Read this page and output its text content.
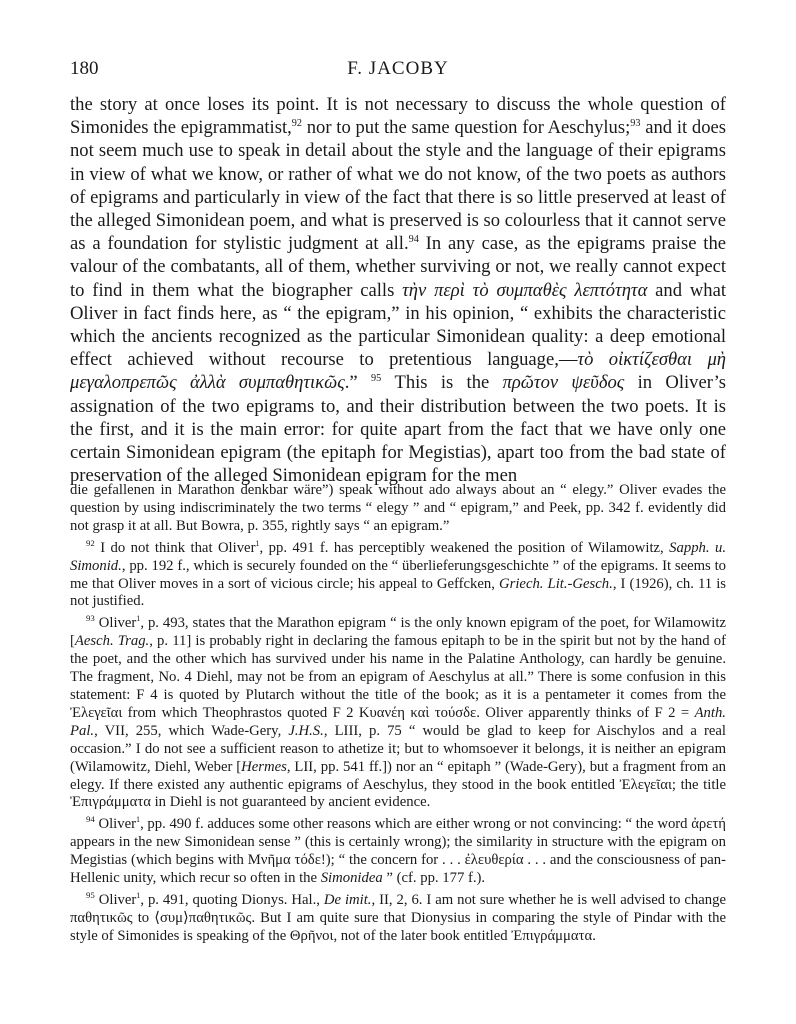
180	F. JACOBY

the story at once loses its point. It is not necessary to discuss the whole question of Simonides the epigrammatist,$^{92}$ nor to put the same question for Aeschylus;$^{93}$ and it does not seem much use to speak in detail about the style and the language of their epigrams in view of what we know, or rather of what we do not know, of the two poets as authors of epigrams and particularly in view of the fact that there is so little preserved at least of the alleged Simonidean poem, and what is preserved is so colourless that it cannot serve as a foundation for stylistic judgment at all.$^{94}$ In any case, as the epigrams praise the valour of the combatants, all of them, whether surviving or not, we really cannot expect to find in them what the biographer calls τὴν περὶ τὸ συμπαθὲς λεπτότητα and what Oliver in fact finds here, as “ the epigram,” in his opinion, “ exhibits the characteristic which the ancients recognized as the particular Simonidean quality: a deep emotional effect achieved without recourse to pretentious language,—τὸ οἰκτίζεσθαι μὴ μεγαλοπρεπῶς ἀλλὰ συμπαθητικῶς.” $^{95}$ This is the πρῶτον ψεῦδος in Oliver’s assignation of the two epigrams to, and their distribution between the two poets. It is the first, and it is the main error: for quite apart from the fact that we have only one certain Simonidean epigram (the epitaph for Megistias), apart too from the bad state of preservation of the alleged Simonidean epigram for the men

die gefallenen in Marathon denkbar wäre”) speak without ado always about an “ elegy.” Oliver evades the question by using indiscriminately the two terms “ elegy ” and “ epigram,” and Peek, pp. 342 f. evidently did not grasp it at all. But Bowra, p. 355, rightly says “ an epigram.”

$^{92}$ I do not think that Oliver$^1$, pp. 491 f. has perceptibly weakened the position of Wilamowitz, Sapph. u. Simonid., pp. 192 f., which is securely founded on the “ überlieferungsgeschichte ” of the epigrams. It seems to me that Oliver moves in a sort of vicious circle; his appeal to Geffcken, Griech. Lit.-Gesch., I (1926), ch. 11 is not justified.

$^{93}$ Oliver$^1$, p. 493, states that the Marathon epigram “ is the only known epigram of the poet, for Wilamowitz [Aesch. Trag., p. 11] is probably right in declaring the famous epitaph to be in the spirit but not by the hand of the poet, and the other which has survived under his name in the Palatine Anthology, can hardly be genuine. The fragment, No. 4 Diehl, may not be from an epigram of Aeschylus at all.” There is some confusion in this statement: F 4 is quoted by Plutarch without the title of the book; as it is a pentameter it comes from the Ἐλεγεῖαι from which Theophrastos quoted F 2 Κυανέη καὶ τούσδε. Oliver apparently thinks of F 2 = Anth. Pal., VII, 255, which Wade-Gery, J.H.S., LIII, p. 75 “ would be glad to keep for Aischylos and a real occasion.” I do not see a sufficient reason to athetize it; but to whomsoever it belongs, it is neither an epigram (Wilamowitz, Diehl, Weber [Hermes, LII, pp. 541 ff.]) nor an “ epitaph ” (Wade-Gery), but a fragment from an elegy. If there existed any authentic epigrams of Aeschylus, they stood in the book entitled Ἐλεγεῖαι; the title Ἐπιγράμματα in Diehl is not guaranteed by ancient evidence.

$^{94}$ Oliver$^1$, pp. 490 f. adduces some other reasons which are either wrong or not convincing: “ the word ἀρετή appears in the new Simonidean sense ” (this is certainly wrong); the similarity in structure with the epigram on Megistias (which begins with Μνῆμα τόδε!); “ the concern for . . . ἐλευθερία . . . and the consciousness of pan-Hellenic unity, which recur so often in the Simonidea ” (cf. pp. 177 f.).

$^{95}$ Oliver$^1$, p. 491, quoting Dionys. Hal., De imit., II, 2, 6. I am not sure whether he is well advised to change παθητικῶς to ⟨συμ⟩παθητικῶς. But I am quite sure that Dionysius in comparing the style of Pindar with the style of Simonides is speaking of the Θρῆνοι, not of the later book entitled Ἐπιγράμματα.
